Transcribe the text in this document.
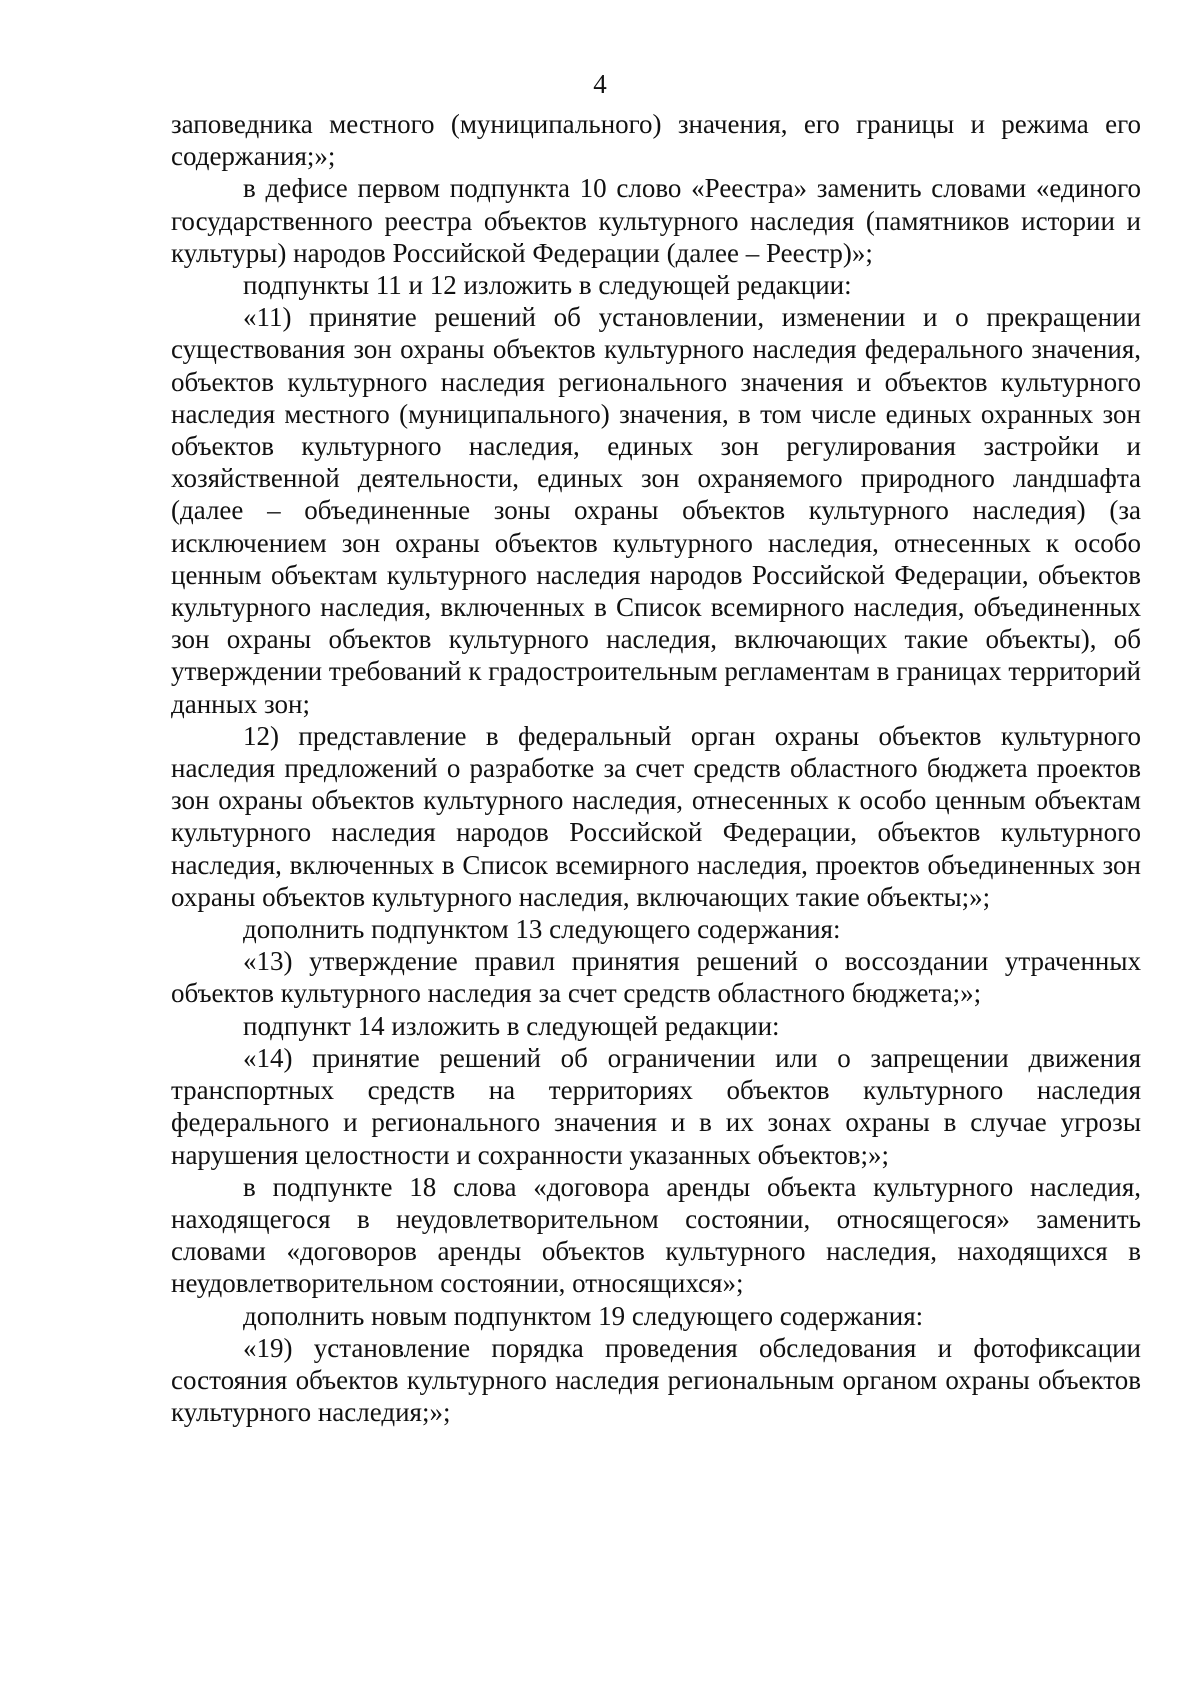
4

заповедника местного (муниципального) значения, его границы и режима его содержания;»;

в дефисе первом подпункта 10 слово «Реестра» заменить словами «единого государственного реестра объектов культурного наследия (памятников истории и культуры) народов Российской Федерации (далее – Реестр)»;

подпункты 11 и 12 изложить в следующей редакции:

«11) принятие решений об установлении, изменении и о прекращении существования зон охраны объектов культурного наследия федерального значения, объектов культурного наследия регионального значения и объектов культурного наследия местного (муниципального) значения, в том числе единых охранных зон объектов культурного наследия, единых зон регулирования застройки и хозяйственной деятельности, единых зон охраняемого природного ландшафта (далее – объединенные зоны охраны объектов культурного наследия) (за исключением зон охраны объектов культурного наследия, отнесенных к особо ценным объектам культурного наследия народов Российской Федерации, объектов культурного наследия, включенных в Список всемирного наследия, объединенных зон охраны объектов культурного наследия, включающих такие объекты), об утверждении требований к градостроительным регламентам в границах территорий данных зон;

12) представление в федеральный орган охраны объектов культурного наследия предложений о разработке за счет средств областного бюджета проектов зон охраны объектов культурного наследия, отнесенных к особо ценным объектам культурного наследия народов Российской Федерации, объектов культурного наследия, включенных в Список всемирного наследия, проектов объединенных зон охраны объектов культурного наследия, включающих такие объекты;»;

дополнить подпунктом 13 следующего содержания:

«13) утверждение правил принятия решений о воссоздании утраченных объектов культурного наследия за счет средств областного бюджета;»;

подпункт 14 изложить в следующей редакции:

«14) принятие решений об ограничении или о запрещении движения транспортных средств на территориях объектов культурного наследия федерального и регионального значения и в их зонах охраны в случае угрозы нарушения целостности и сохранности указанных объектов;»;

в подпункте 18 слова «договора аренды объекта культурного наследия, находящегося в неудовлетворительном состоянии, относящегося» заменить словами «договоров аренды объектов культурного наследия, находящихся в неудовлетворительном состоянии, относящихся»;

дополнить новым подпунктом 19 следующего содержания:

«19) установление порядка проведения обследования и фотофиксации состояния объектов культурного наследия региональным органом охраны объектов культурного наследия;»;
